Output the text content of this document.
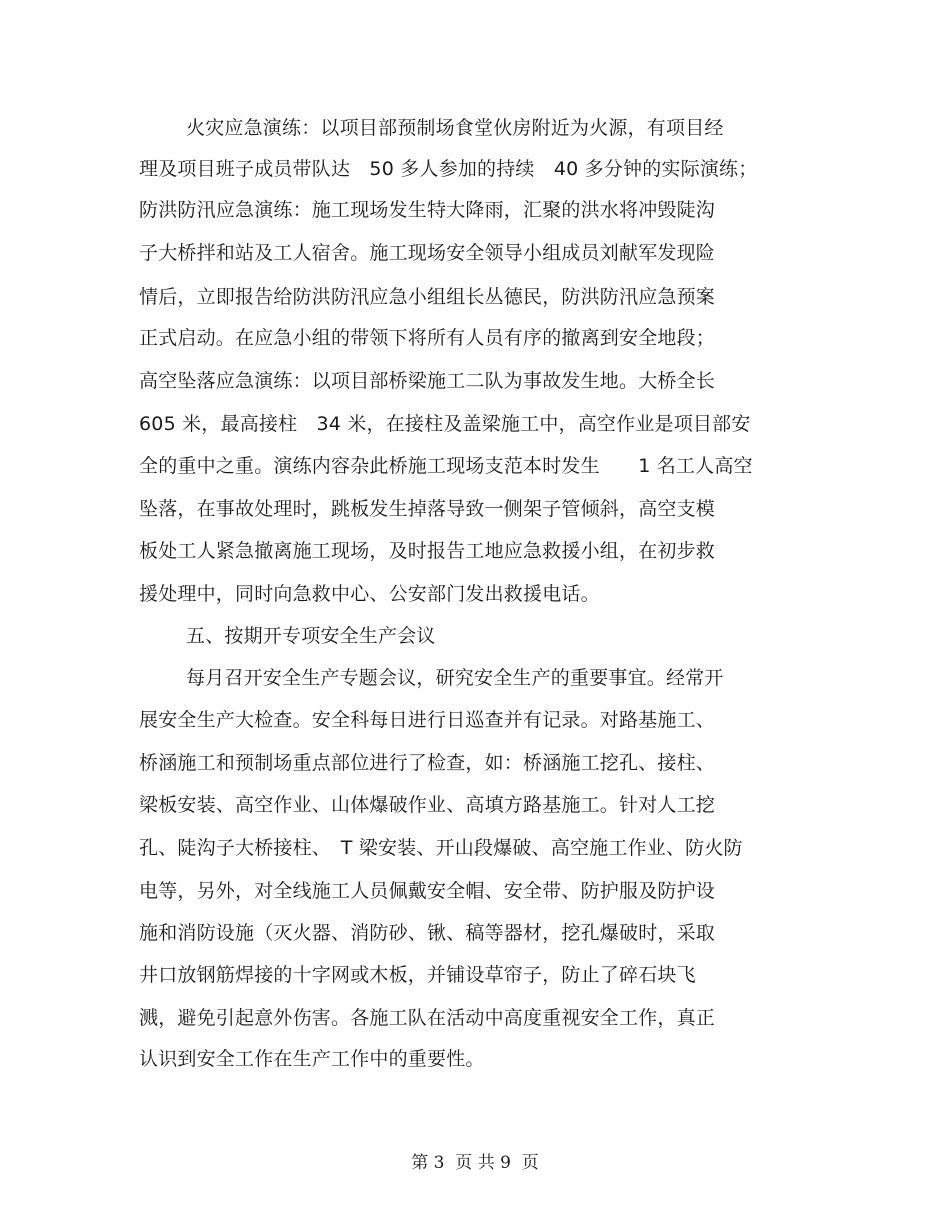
火灾应急演练：以项目部预制场食堂伙房附近为火源，有项目经
理及项目班子成员带队达　50 多人参加的持续　40 多分钟的实际演练；
防洪防汛应急演练：施工现场发生特大降雨，汇聚的洪水将冲毁陡沟
子大桥拌和站及工人宿舍。施工现场安全领导小组成员刘献军发现险
情后，立即报告给防洪防汛应急小组组长丛德民，防洪防汛应急预案
正式启动。在应急小组的带领下将所有人员有序的撤离到安全地段；
高空坠落应急演练：以项目部桥梁施工二队为事故发生地。大桥全长
605 米，最高接柱　34 米，在接柱及盖梁施工中，高空作业是项目部安
全的重中之重。演练内容杂此桥施工现场支范本时发生　　1 名工人高空
坠落，在事故处理时，跳板发生掉落导致一侧架子管倾斜，高空支模
板处工人紧急撤离施工现场，及时报告工地应急救援小组，在初步救
援处理中，同时向急救中心、公安部门发出救援电话。
五、按期开专项安全生产会议
每月召开安全生产专题会议，研究安全生产的重要事宜。经常开
展安全生产大检查。安全科每日进行日巡查并有记录。对路基施工、
桥涵施工和预制场重点部位进行了检查，如：桥涵施工挖孔、接柱、
梁板安装、高空作业、山体爆破作业、高填方路基施工。针对人工挖
孔、陡沟子大桥接柱、　T 梁安装、开山段爆破、高空施工作业、防火防
电等，另外，对全线施工人员佩戴安全帽、安全带、防护服及防护设
施和消防设施（灭火器、消防砂、锹、稿等器材，挖孔爆破时，采取
井口放钢筋焊接的十字网或木板，并铺设草帘子，防止了碎石块飞
溅，避免引起意外伤害。各施工队在活动中高度重视安全工作，真正
认识到安全工作在生产工作中的重要性。
第 3  页 共 9  页
